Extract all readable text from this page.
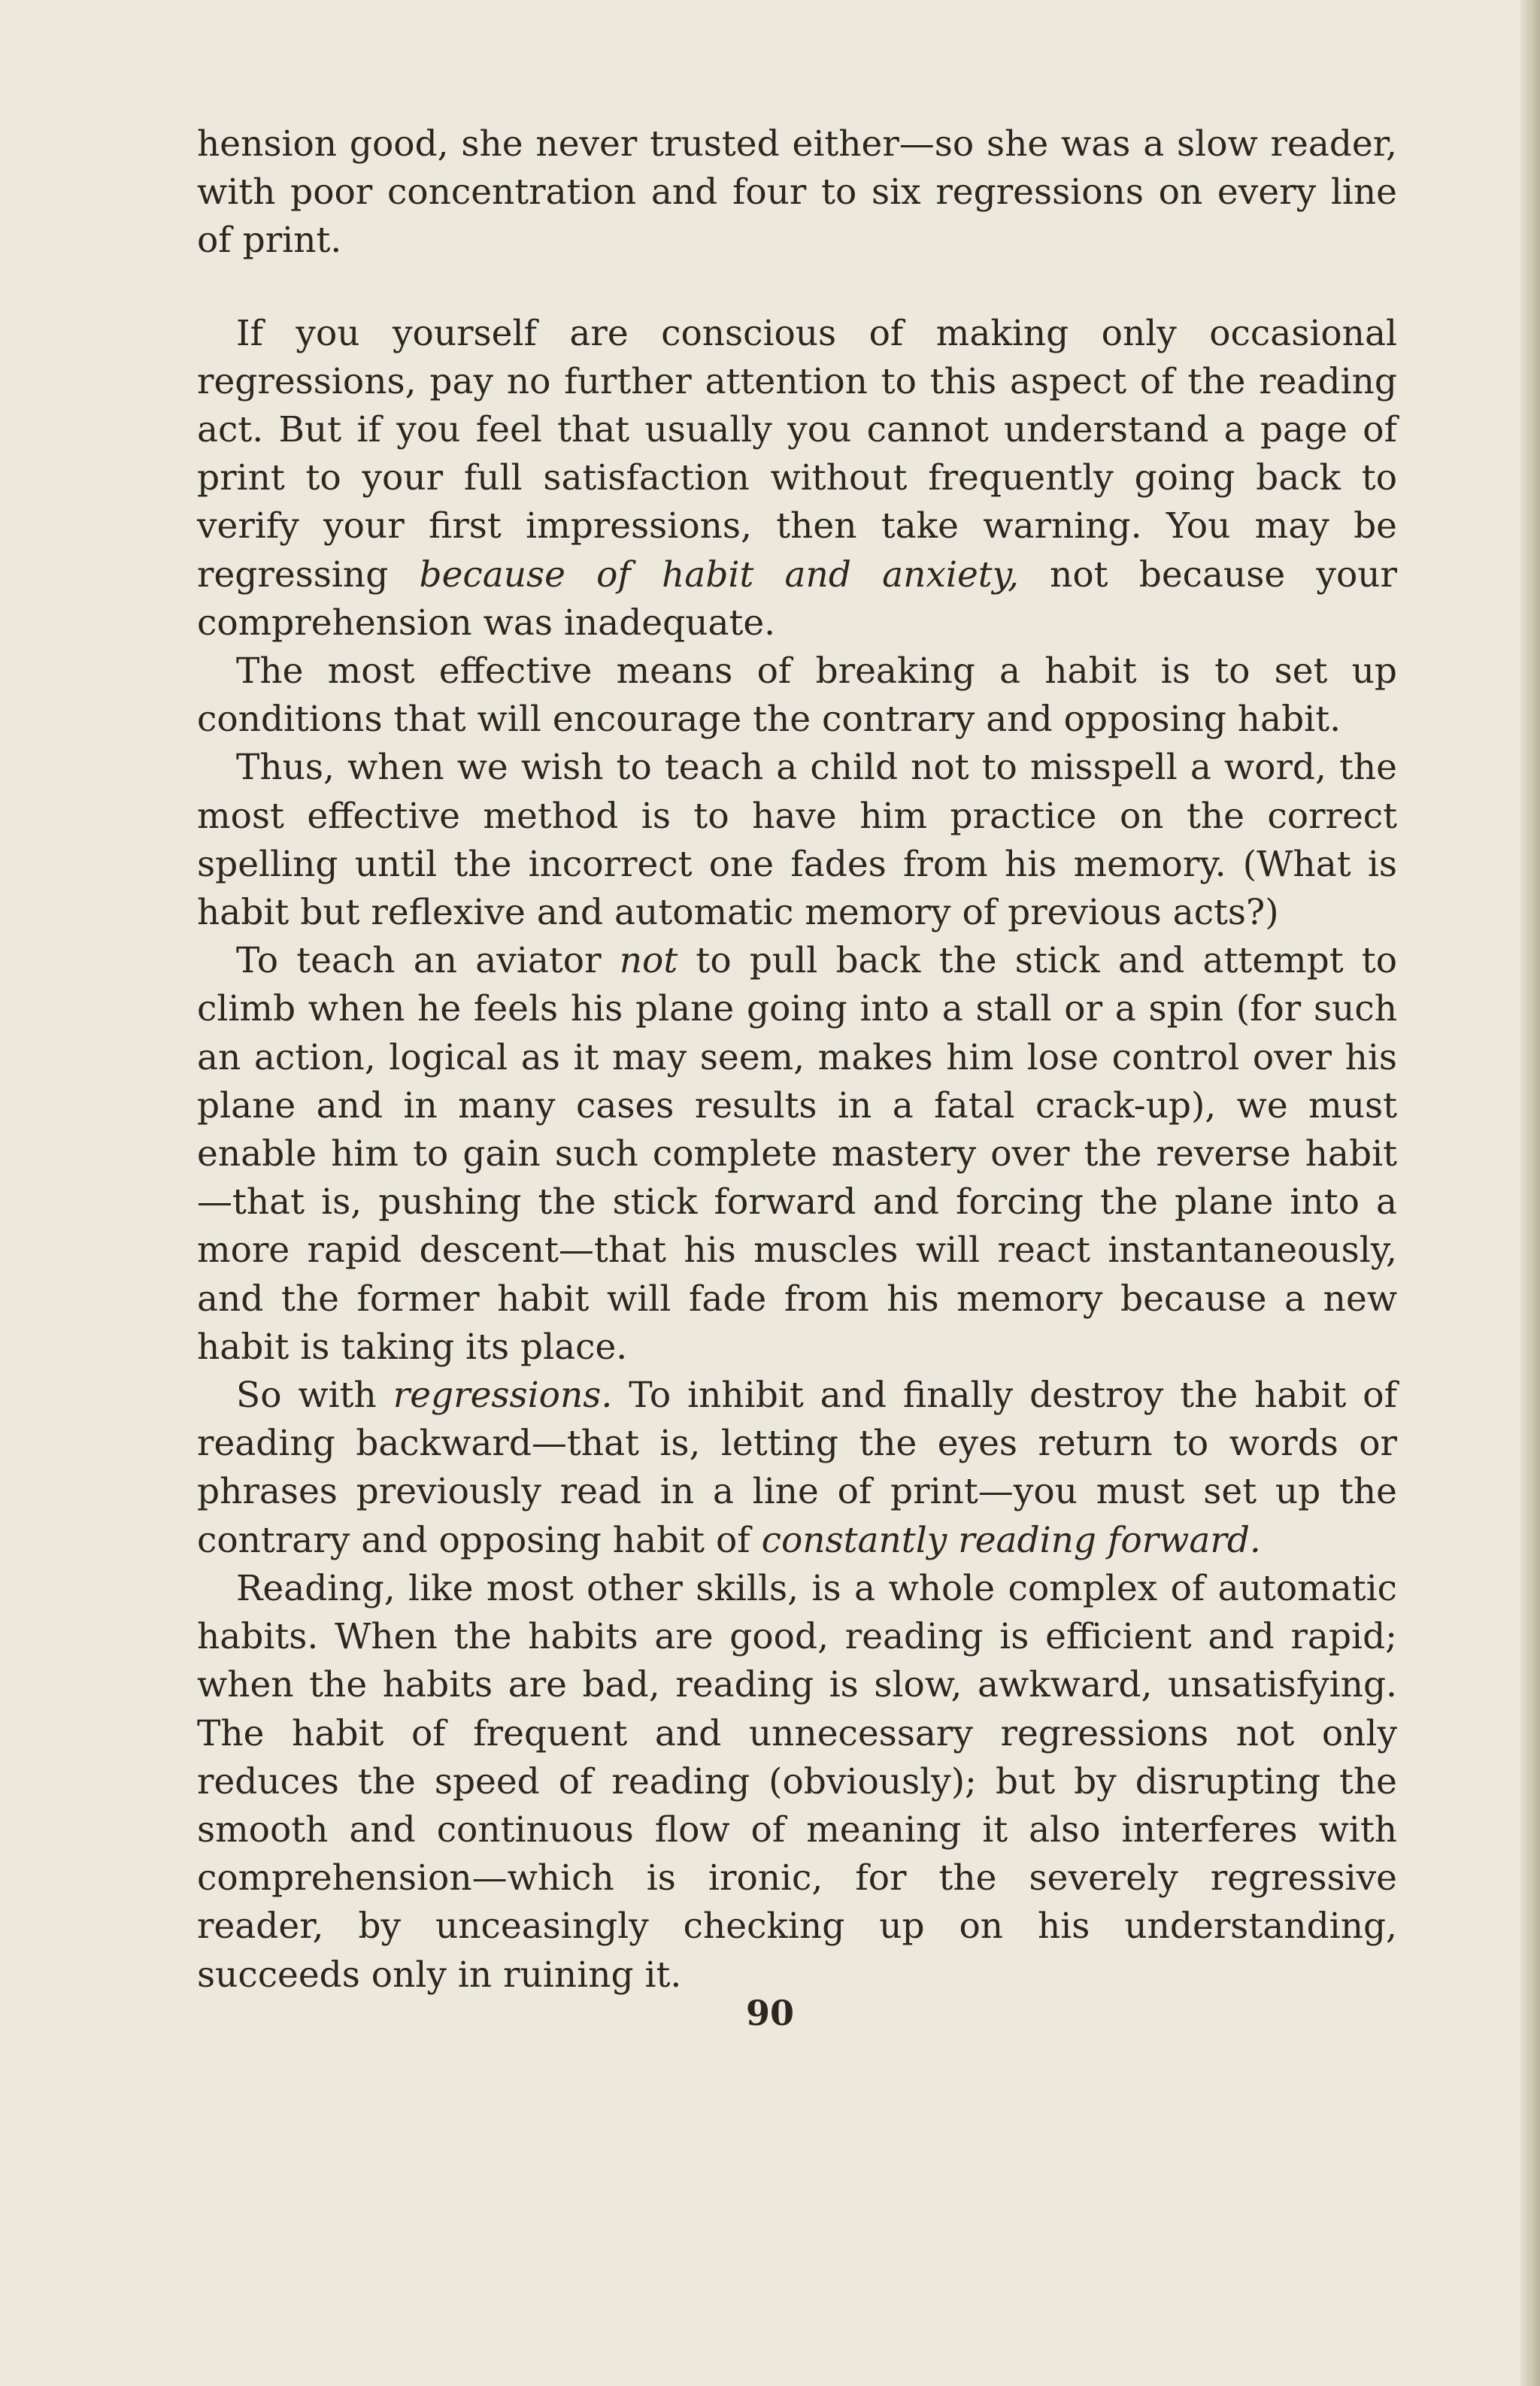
hension good, she never trusted either—so she was a slow reader, with poor concentration and four to six regressions on every line of print.

If you yourself are conscious of making only occasional regressions, pay no further attention to this aspect of the reading act. But if you feel that usually you cannot understand a page of print to your full satisfaction without frequently going back to verify your first impressions, then take warning. You may be regressing because of habit and anxiety, not because your comprehension was inadequate.

The most effective means of breaking a habit is to set up conditions that will encourage the contrary and opposing habit.

Thus, when we wish to teach a child not to misspell a word, the most effective method is to have him practice on the correct spelling until the incorrect one fades from his memory. (What is habit but reflexive and automatic memory of previous acts?)

To teach an aviator not to pull back the stick and attempt to climb when he feels his plane going into a stall or a spin (for such an action, logical as it may seem, makes him lose control over his plane and in many cases results in a fatal crack-up), we must enable him to gain such complete mastery over the reverse habit—that is, pushing the stick forward and forcing the plane into a more rapid descent—that his muscles will react instantaneously, and the former habit will fade from his memory because a new habit is taking its place.

So with regressions. To inhibit and finally destroy the habit of reading backward—that is, letting the eyes return to words or phrases previously read in a line of print—you must set up the contrary and opposing habit of constantly reading forward.

Reading, like most other skills, is a whole complex of automatic habits. When the habits are good, reading is efficient and rapid; when the habits are bad, reading is slow, awkward, unsatisfying. The habit of frequent and unnecessary regressions not only reduces the speed of reading (obviously); but by disrupting the smooth and continuous flow of meaning it also interferes with comprehension—which is ironic, for the severely regressive reader, by unceasingly checking up on his understanding, succeeds only in ruining it.

90
